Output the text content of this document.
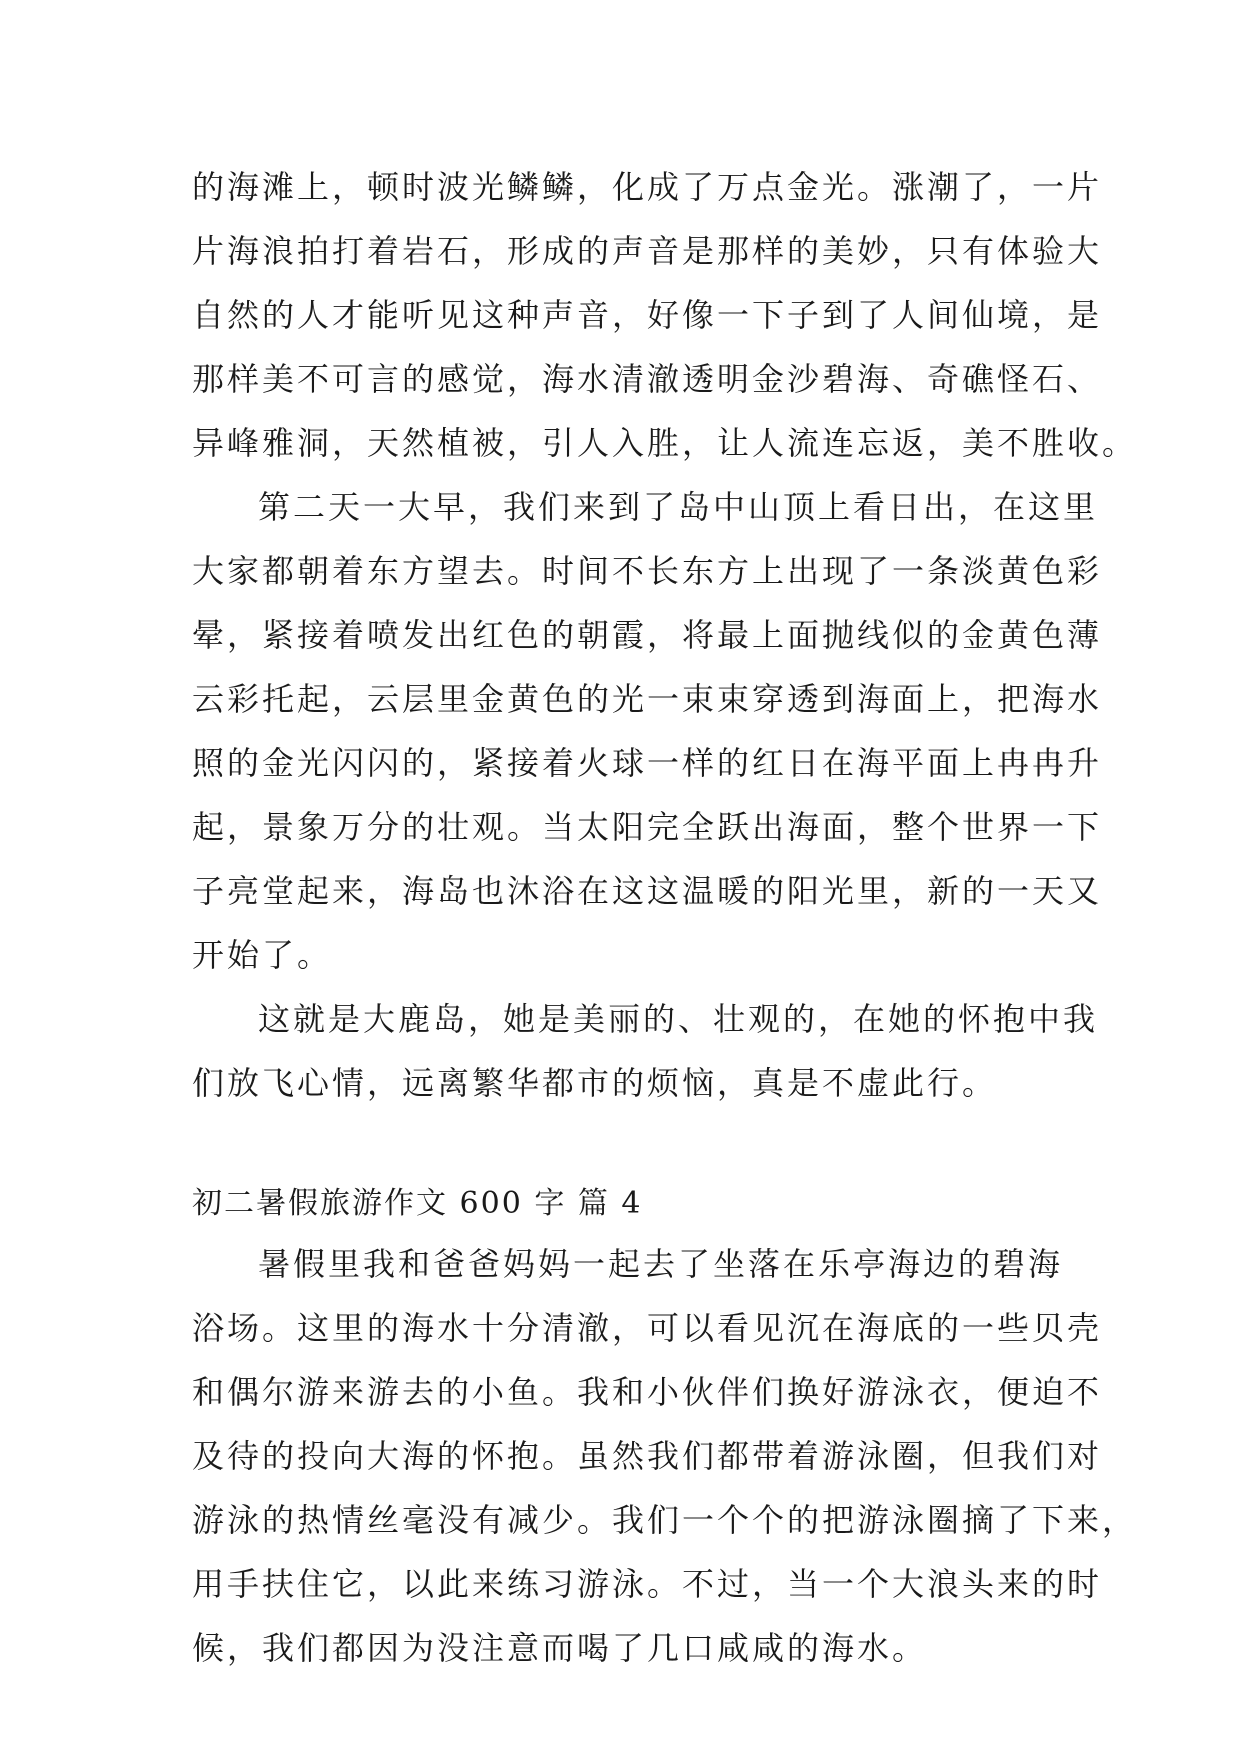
的海滩上，顿时波光鳞鳞，化成了万点金光。涨潮了，一片
片海浪拍打着岩石，形成的声音是那样的美妙，只有体验大
自然的人才能听见这种声音，好像一下子到了人间仙境，是
那样美不可言的感觉，海水清澈透明金沙碧海、奇礁怪石、
异峰雅洞，天然植被，引人入胜，让人流连忘返，美不胜收。
第二天一大早，我们来到了岛中山顶上看日出，在这里
大家都朝着东方望去。时间不长东方上出现了一条淡黄色彩
晕，紧接着喷发出红色的朝霞，将最上面抛线似的金黄色薄
云彩托起，云层里金黄色的光一束束穿透到海面上，把海水
照的金光闪闪的，紧接着火球一样的红日在海平面上冉冉升
起，景象万分的壮观。当太阳完全跃出海面，整个世界一下
子亮堂起来，海岛也沐浴在这这温暖的阳光里，新的一天又
开始了。
这就是大鹿岛，她是美丽的、壮观的，在她的怀抱中我
们放飞心情，远离繁华都市的烦恼，真是不虚此行。
初二暑假旅游作文 600 字 篇 4
暑假里我和爸爸妈妈一起去了坐落在乐亭海边的碧海
浴场。这里的海水十分清澈，可以看见沉在海底的一些贝壳
和偶尔游来游去的小鱼。我和小伙伴们换好游泳衣，便迫不
及待的投向大海的怀抱。虽然我们都带着游泳圈，但我们对
游泳的热情丝毫没有减少。我们一个个的把游泳圈摘了下来，
用手扶住它，以此来练习游泳。不过，当一个大浪头来的时
候，我们都因为没注意而喝了几口咸咸的海水。
